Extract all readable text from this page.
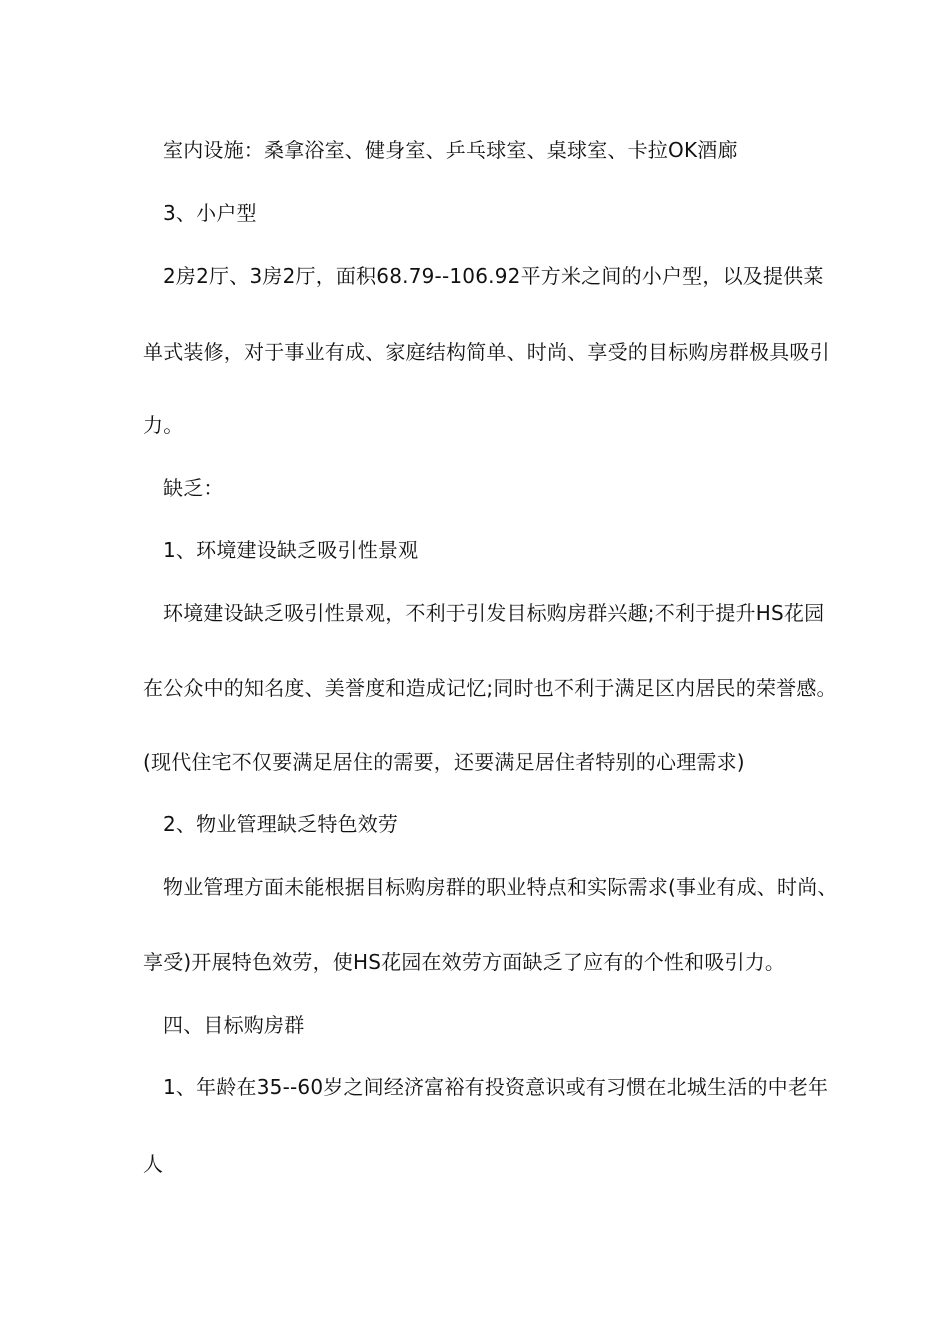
室内设施：桑拿浴室、健身室、乒乓球室、桌球室、卡拉OK酒廊
3、小户型
2房2厅、3房2厅，面积68.79--106.92平方米之间的小户型，以及提供菜
单式装修，对于事业有成、家庭结构简单、时尚、享受的目标购房群极具吸引
力。
缺乏：
1、环境建设缺乏吸引性景观
环境建设缺乏吸引性景观，不利于引发目标购房群兴趣;不利于提升HS花园
在公众中的知名度、美誉度和造成记忆;同时也不利于满足区内居民的荣誉感。
(现代住宅不仅要满足居住的需要，还要满足居住者特别的心理需求)
2、物业管理缺乏特色效劳
物业管理方面未能根据目标购房群的职业特点和实际需求(事业有成、时尚、
享受)开展特色效劳，使HS花园在效劳方面缺乏了应有的个性和吸引力。
四、目标购房群
1、年龄在35--60岁之间经济富裕有投资意识或有习惯在北城生活的中老年
人
